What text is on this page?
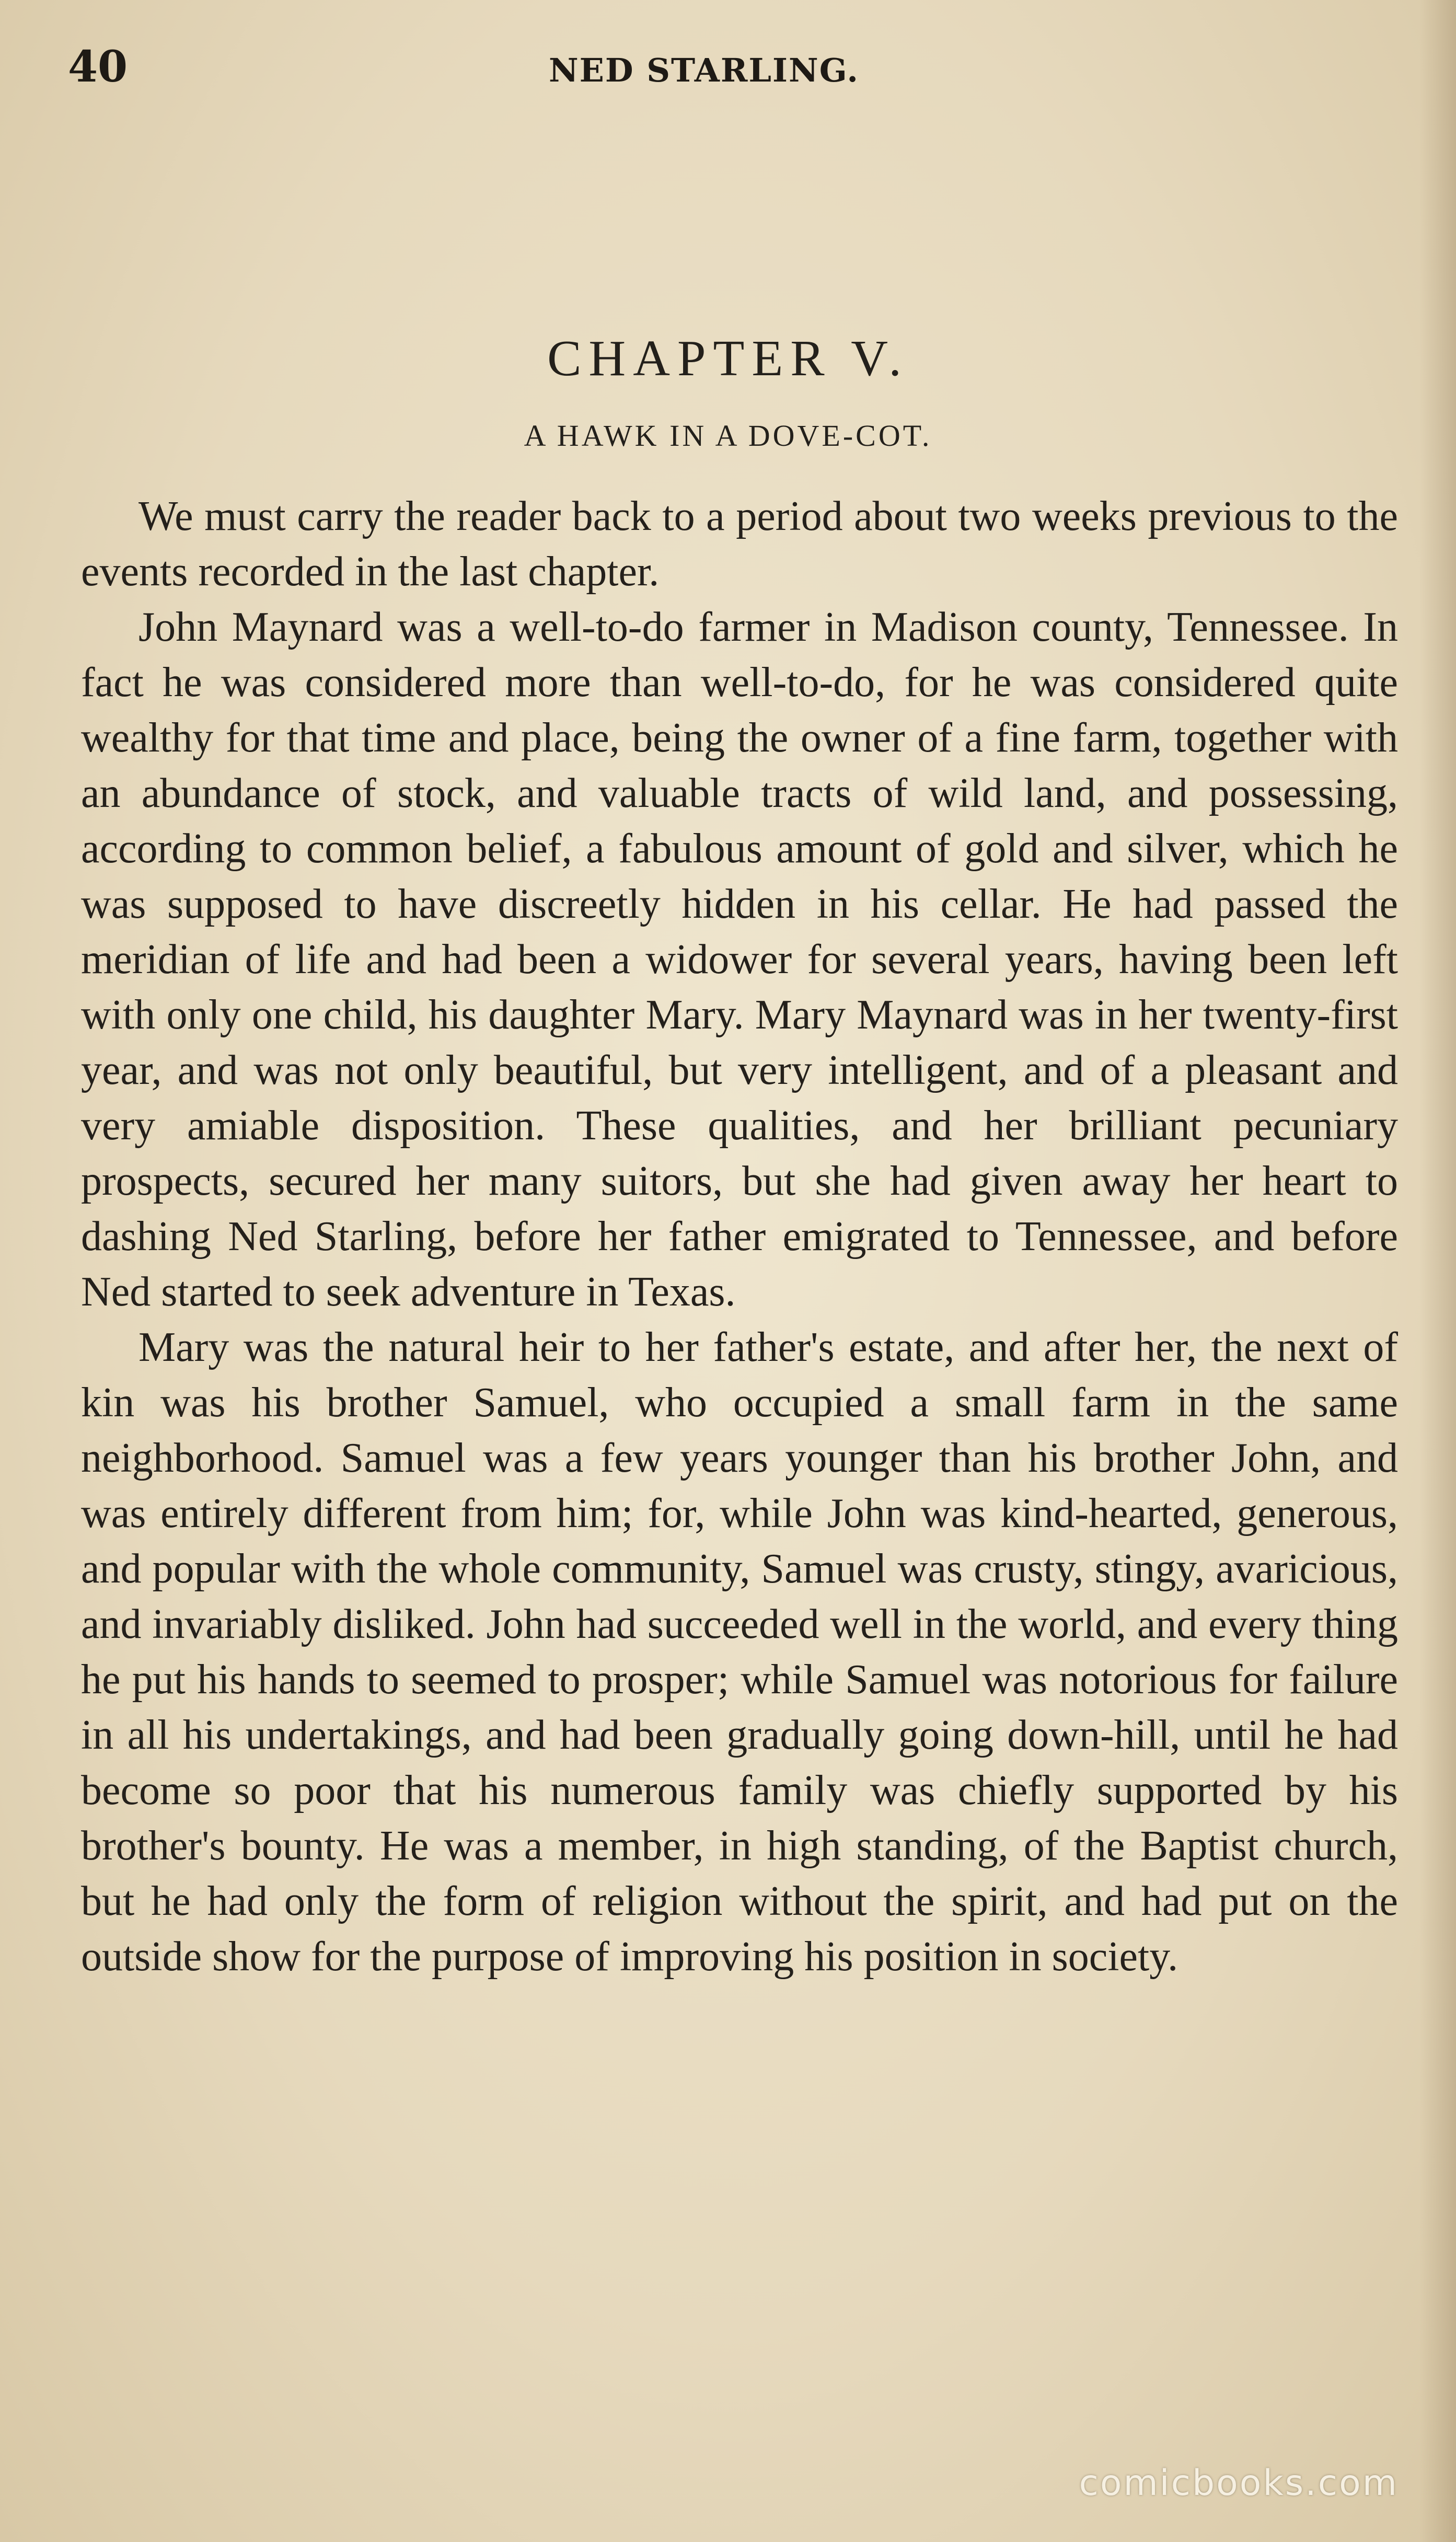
40	NED STARLING.
CHAPTER V.
A HAWK IN A DOVE-COT.

We must carry the reader back to a period about two weeks previous to the events recorded in the last chapter.

John Maynard was a well-to-do farmer in Madison county, Tennessee. In fact he was considered more than well-to-do, for he was considered quite wealthy for that time and place, being the owner of a fine farm, together with an abundance of stock, and valuable tracts of wild land, and possessing, according to common belief, a fabulous amount of gold and silver, which he was supposed to have discreetly hidden in his cellar. He had passed the meridian of life and had been a widower for several years, having been left with only one child, his daughter Mary. Mary Maynard was in her twenty-first year, and was not only beautiful, but very intelligent, and of a pleasant and very amiable disposition. These qualities, and her brilliant pecuniary prospects, secured her many suitors, but she had given away her heart to dashing Ned Starling, before her father emigrated to Tennessee, and before Ned started to seek adventure in Texas.

Mary was the natural heir to her father's estate, and after her, the next of kin was his brother Samuel, who occupied a small farm in the same neighborhood. Samuel was a few years younger than his brother John, and was entirely different from him; for, while John was kind-hearted, generous, and popular with the whole community, Samuel was crusty, stingy, avaricious, and invariably disliked. John had succeeded well in the world, and every thing he put his hands to seemed to prosper; while Samuel was notorious for failure in all his undertakings, and had been gradually going down-hill, until he had become so poor that his numerous family was chiefly supported by his brother's bounty. He was a member, in high standing, of the Baptist church, but he had only the form of religion without the spirit, and had put on the outside show for the purpose of improving his position in society.

comicbooks.com
